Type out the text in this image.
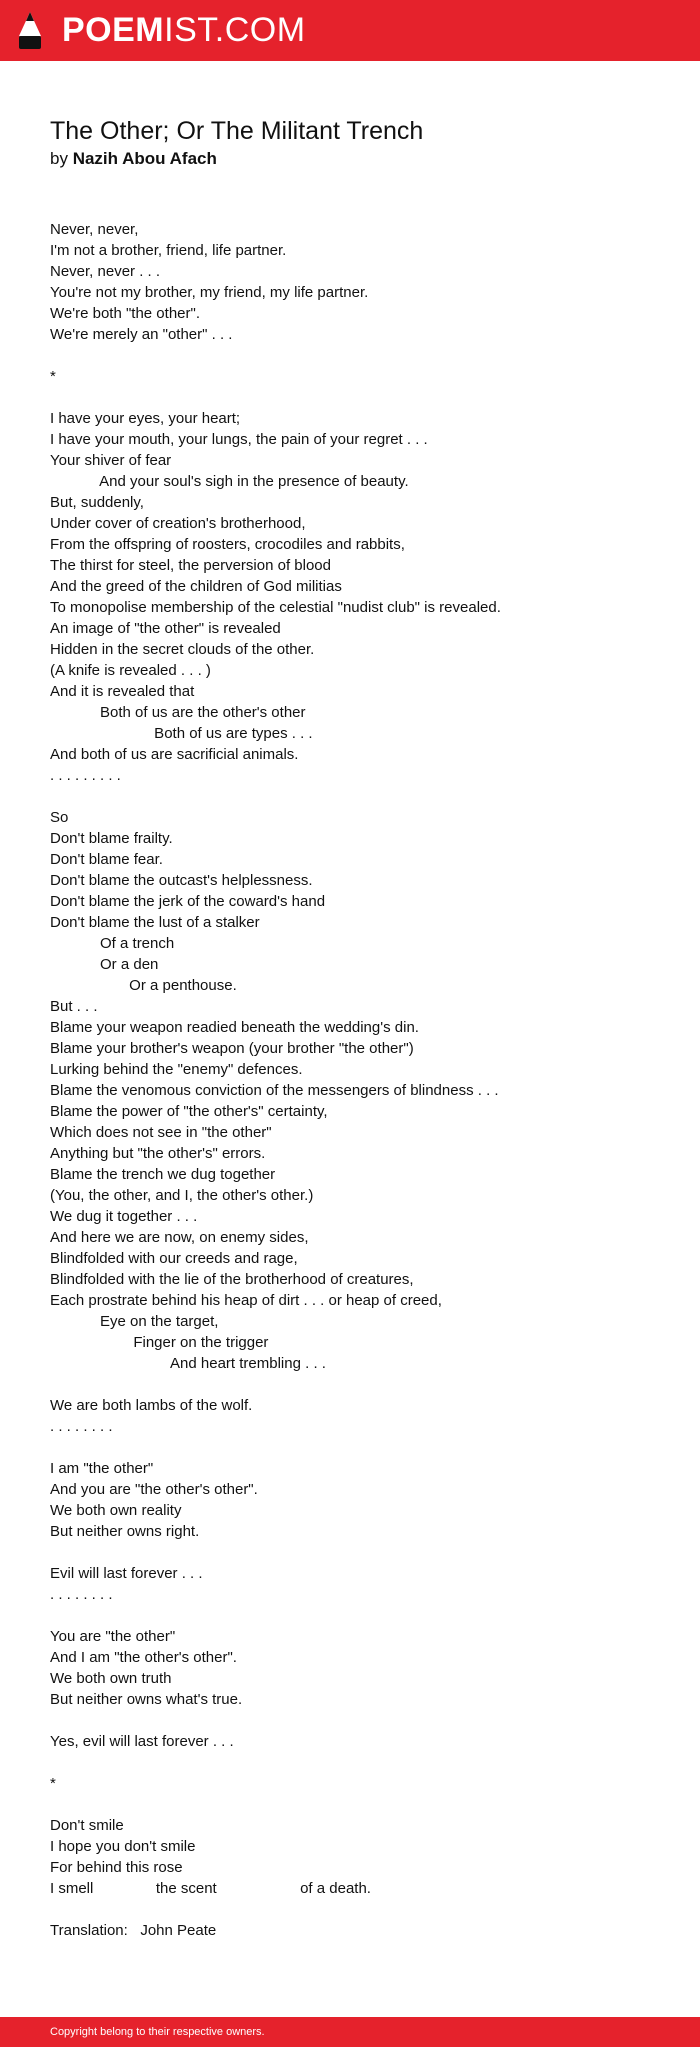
POEMIST.COM
The Other; Or The Militant Trench
by Nazih Abou Afach
Never, never,
I'm not a brother, friend, life partner.
Never, never . . .
You're not my brother, my friend, my life partner.
We're both "the other".
We're merely an "other" . . .
*
I have your eyes, your heart;
I have your mouth, your lungs, the pain of your regret . . .
Your shiver of fear
And your soul's sigh in the presence of beauty.
But, suddenly,
Under cover of creation's brotherhood,
From the offspring of roosters, crocodiles and rabbits,
The thirst for steel, the perversion of blood
And the greed of the children of God militias
To monopolise membership of the celestial "nudist club" is revealed.
An image of "the other" is revealed
Hidden in the secret clouds of the other.
(A knife is revealed . . . )
And it is revealed that
Both of us are the other's other
Both of us are types . . .
And both of us are sacrificial animals.
. . . . . . . . .
So
Don't blame frailty.
Don't blame fear.
Don't blame the outcast's helplessness.
Don't blame the jerk of the coward's hand
Don't blame the lust of a stalker
Of a trench
Or a den
Or a penthouse.
But . . .
Blame your weapon readied beneath the wedding's din.
Blame your brother's weapon (your brother "the other")
Lurking behind the "enemy" defences.
Blame the venomous conviction of the messengers of blindness . . .
Blame the power of "the other's" certainty,
Which does not see in "the other"
Anything but "the other's" errors.
Blame the trench we dug together
(You, the other, and I, the other's other.)
We dug it together . . .
And here we are now, on enemy sides,
Blindfolded with our creeds and rage,
Blindfolded with the lie of the brotherhood of creatures,
Each prostrate behind his heap of dirt . . . or heap of creed,
Eye on the target,
Finger on the trigger
And heart trembling . . .
We are both lambs of the wolf.
. . . . . . . .
I am "the other"
And you are "the other's other".
We both own reality
But neither owns right.
Evil will last forever . . .
. . . . . . . .
You are "the other"
And I am "the other's other".
We both own truth
But neither owns what's true.
Yes, evil will last forever . . .
*
Don't smile
I hope you don't smile
For behind this rose
I smell               the scent                    of a death.
Translation:   John Peate
Copyright belong to their respective owners.
